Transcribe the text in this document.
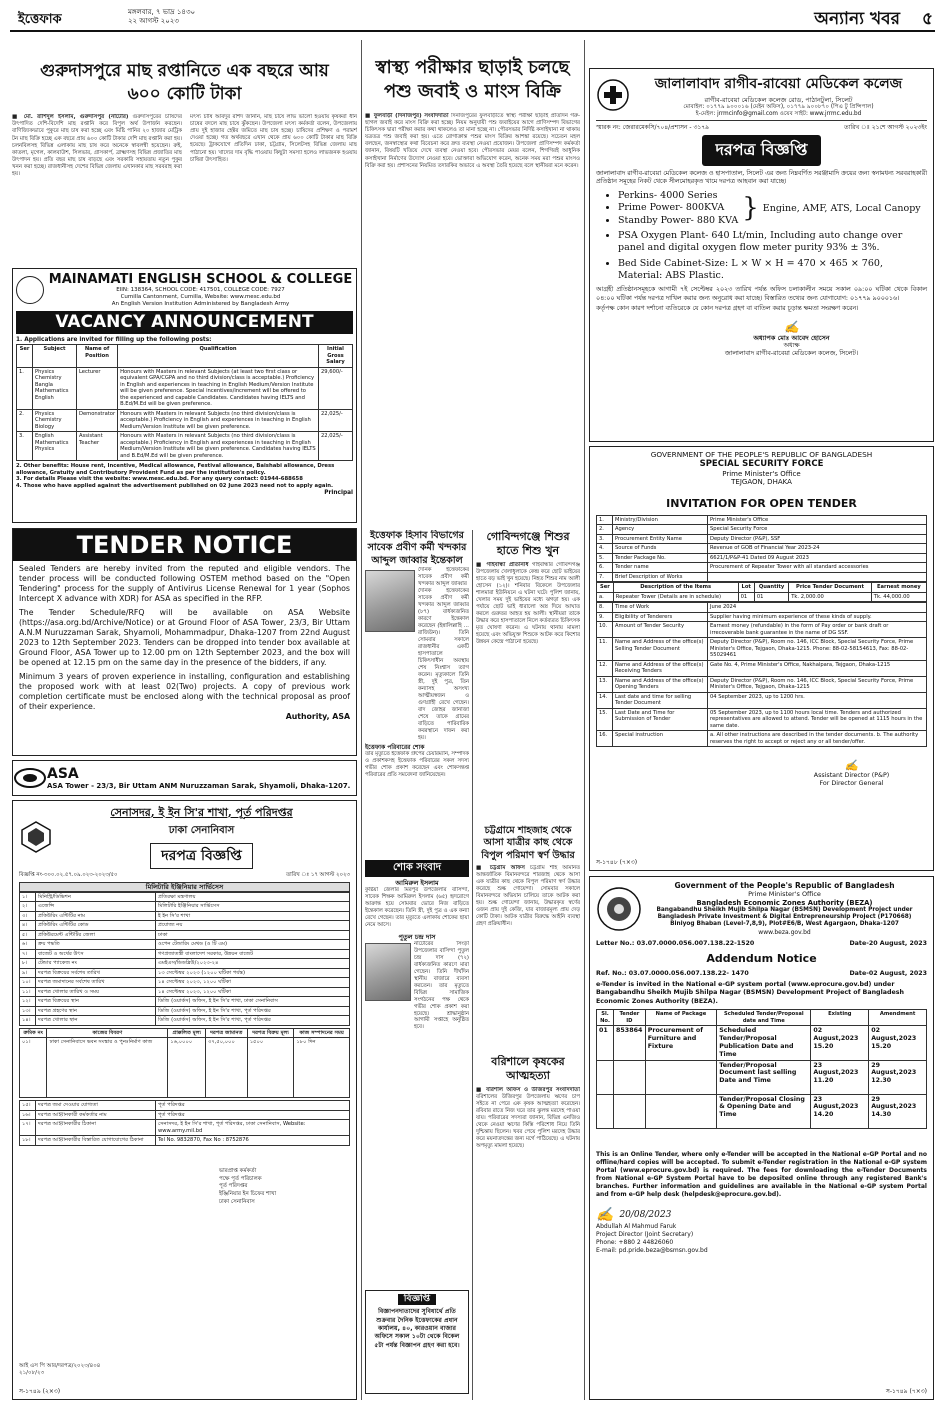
ইত্তেফাক	মঙ্গলবার, ৭ ভাদ্র ১৪৩০
২২ আগস্ট ২০২৩	অন্যান্য খবর ৫
গুরুদাসপুরে মাছ রপ্তানিতে এক বছরে আয় ৬০০ কোটি টাকা
■ মো. রাশিদুল ইসলাম, গুরুদাসপুর (নাটোর) গুরুদাসপুরের চাষিদের উৎপাদিত দেশি-বিদেশি মাছ রপ্তানি করে বিপুল অর্থ উপার্জন করছেন। বাণিজ্যিকভাবে পুকুরে মাছ চাষ করা হচ্ছে এবং মিষ্টি পানির ২০ হাজার মেট্রিক টন মাছ বিক্রি হচ্ছে এক বছরে প্রায় ৬০০ কোটি টাকার দেশি মাছ রপ্তানি করা হয়। চলনবিলসহ বিভিন্ন এলাকায় মাছ চাষ করে অনেকে স্বাবলম্বী হয়েছেন। রুই, কাতলা, মৃগেল, কালবাউশ, সিলভার, গ্রাসকার্প, ব্রাক্ষ্মণসহ বিভিন্ন প্রজাতির মাছ উৎপাদন হয়। প্রতি বছর মাছ চাষ বাড়ছে এবং সরকারি সহায়তায় নতুন পুকুর খনন করা হচ্ছে। রাজধানীসহ দেশের বিভিন্ন জেলায় এখানকার মাছ সরবরাহ করা হয়।
মৎস্য চাষি আবদুর রশিদ জানান, মাছ চাষে লাভ ভালো হওয়ায় কৃষকরা ধান চাষের বদলে মাছ চাষে ঝুঁকছেন। উপজেলা মৎস্য কর্মকর্তা বলেন, উপজেলায় প্রায় দুই হাজার হেক্টর জমিতে মাছ চাষ হচ্ছে। চাষিদের প্রশিক্ষণ ও পরামর্শ দেওয়া হচ্ছে। গত অর্থবছরে এখান থেকে প্রায় ৬০০ কোটি টাকার মাছ বিক্রি হয়েছে। ট্রাকযোগে প্রতিদিন ঢাকা, চট্টগ্রাম, সিলেটসহ বিভিন্ন জেলায় মাছ পাঠানো হয়। খাদ্যের দাম বৃদ্ধি পাওয়ায় কিছুটা সমস্যা হলেও লাভজনক হওয়ায় চাষিরা উৎসাহিত।
MAINAMATI ENGLISH SCHOOL & COLLEGE
EIIN: 138364, SCHOOL CODE: 417501, COLLEGE CODE: 7927
Cumilla Cantonment, Cumilla, Website: www.mesc.edu.bd
An English Version Institution Administered by Bangladesh Army
VACANCY ANNOUNCEMENT
1. Applications are invited for filling up the following posts:
Ser	Subject	Name of Position	Qualification	Initial Gross Salary
1.	Physics Chemistry Bangla Mathematics English	Lecturer	Honours with Masters in relevant Subjects (at least two first class or equivalent GPA/CGPA and no third division/class is acceptable.) Proficiency in English and experiences in teaching in English Medium/Version Institute will be given preference. Special incentives/increment will be offered to the experienced and capable Candidates. Candidates having IELTS and B.Ed/M.Ed will be given preference.	29,600/-
2.	Physics Chemistry Biology	Demonstrator	Honours with Masters in relevant Subjects (no third division/class is acceptable.) Proficiency in English and experiences in teaching in English Medium/Version Institute will be given preference.	22,025/-
3.	English Mathematics Physics	Assistant Teacher	Honours with Masters in relevant Subjects (no third division/class is acceptable.) Proficiency in English and experiences in teaching in English Medium/Version Institute will be given preference. Candidates having IELTS and B.Ed/M.Ed will be given preference.	22,025/-
2. Other benefits: House rent, Incentive, Medical allowance, Festival allowance, Baishabi allowance, Dress allowance, Gratuity and Contributory Provident Fund as per the institution's policy.
3. For details Please visit the website: www.mesc.edu.bd. For any query contact: 01944-688658
4. Those who have applied against the advertisement published on 02 June 2023 need not to apply again.
Principal
TENDER NOTICE

Sealed Tenders are hereby invited from the reputed and eligible vendors. The tender process will be conducted following OSTEM method based on the "Open Tendering" process for the supply of Antivirus License Renewal for 1 year (Sophos Intercept X advance with XDR) for ASA as specified in the RFP.

The Tender Schedule/RFQ will be available on ASA Website (https://asa.org.bd/Archive/Notice) or at Ground Floor of ASA Tower, 23/3, Bir Uttam A.N.M Nuruzzaman Sarak, Shyamoli, Mohammadpur, Dhaka-1207 from 22nd August 2023 to 12th September 2023. Tenders can be dropped into tender box available at Ground Floor, ASA Tower up to 12.00 pm on 12th September 2023, and the box will be opened at 12.15 pm on the same day in the presence of the bidders, if any.

Minimum 3 years of proven experience in installing, configuration and establishing the proposed work with at least 02(Two) projects. A copy of previous work completion certificate must be enclosed along with the technical proposal as proof of their experience.

Authority, ASA

ASA
ASA Tower - 23/3, Bir Uttam ANM Nuruzzaman Sarak, Shyamoli, Dhaka-1207.
সেনাসদর, ই ইন সি'র শাখা, পূর্ত পরিদপ্তর
ঢাকা সেনানিবাস
দরপত্র বিজ্ঞপ্তি
বিজ্ঞপ্তি নং-৩০০.০২.৫৭.০৯.০২৩-২০২৩/৫০	তারিখ ঃ ১৭ আগস্ট ২০২৩
মিলিটারি ইঞ্জিনিয়ার সার্ভিসেস
১।	মিনিস্ট্রি/ডিভিশন	প্রতিরক্ষা মন্ত্রণালয়
২।	এজেন্সি	মিলিটারি ইঞ্জিনিয়ার সার্ভিসেস
৩।	প্রকিউরিং এন্টিটির নাম	ই ইন সি'র শাখা
৪।	প্রকিউরিং এন্টিটির কোড	প্রযোজ্য নয়
৫।	প্রকিউরমেন্ট এন্টিটির জেলা	ঢাকা
৬।	ক্রয় পদ্ধতি	ওপেন টেন্ডারিং মেথড (ও টি এম)
৭।	বাজেট ও অর্থের উৎস	গণপ্রজাতন্ত্রী বাংলাদেশ সরকার, উন্নয়ন বাজেট
৮।	টেন্ডার প্যাকেজ নং	এমইএস/ডিডব্লিউ/২০২৩-২৪
৯।	দরপত্র বিক্রয়ের সর্বশেষ তারিখ	১৩ সেপ্টেম্বর ২০২৩ (১২০০ ঘটিকা পর্যন্ত)
১০।	দরপত্র জমাদানের সর্বশেষ তারিখ	১৪ সেপ্টেম্বর ২০২৩, ১২০০ ঘটিকা
১১।	দরপত্র খোলার তারিখ ও সময়	১৪ সেপ্টেম্বর ২০২৩, ১২০০ ঘটিকা
১২।	দরপত্র বিক্রয়ের স্থান	ডিজি (ওয়ার্কস) অফিস, ই ইন সি'র শাখা, ঢাকা সেনানিবাস
১৩।	দরপত্র গ্রহণের স্থান	ডিজি (ওয়ার্কস) অফিস, ই ইন সি'র শাখা, পূর্ত পরিদপ্তর
১৪।	দরপত্র খোলার স্থান	ডিজি (ওয়ার্কস) অফিস, ই ইন সি'র শাখা, পূর্ত পরিদপ্তর
ক্রমিক নং	কাজের বিবরণ	প্রাক্কলিত মূল্য	দরপত্র জামানত	দরপত্র বিক্রয় মূল্য	কাজ সম্পাদনের সময়
০১।	ঢাকা সেনানিবাসে ভবন সংস্কার ও পুনঃনির্মাণ কাজ	১৬,০০০০	৩৭,৫০,০০০	১৫০০	১৮০ দিন
১৫।	দরপত্র জমা দেওয়ার যোগ্যতা	পূর্ত পরিদপ্তর
১৬।	দরপত্র আহ্বানকারী কর্মকর্তার নাম	পূর্ত পরিদপ্তর
১৭।	দরপত্র আহ্বানকারীর ঠিকানা	সেনাসদর, ই ইন সি'র শাখা, পূর্ত পরিদপ্তর, ঢাকা সেনানিবাস, Website: www.army.mil.bd
১৮।	দরপত্র আহ্বানকারীর বিস্তারিত যোগাযোগের ঠিকানা	Tel No. 9832870, Fax No : 8752876
ভারপ্রাপ্ত কর্মকর্তা
পক্ষে পূর্ত পরিচালক
পূর্ত পরিদপ্তর
ইঞ্জিনিয়ার ইন চিফের শাখা
ঢাকা সেনানিবাস
আই এস পি আর/দরপত্র/২০২৩/৪০৪
২১/০৮/২৩
স-১৭৪৯ (২×৩)
স্বাস্থ্য পরীক্ষার ছাড়াই চলছে পশু জবাই ও মাংস বিক্রি
■ ফুলবাড়ী (দিনাজপুর) সংবাদদাতা দিনাজপুরের ফুলবাড়ীতে স্বাস্থ্য পরীক্ষা ছাড়াই প্রতিদিন গরু-ছাগল জবাই করে মাংস বিক্রি করা হচ্ছে। নিয়ম অনুযায়ী পশু জবাইয়ের আগে প্রাণিসম্পদ বিভাগের চিকিৎসক দ্বারা পরীক্ষা করার কথা থাকলেও তা মানা হচ্ছে না। পৌরসভার নির্দিষ্ট কসাইখানা না থাকায় যত্রতত্র পশু জবাই করা হয়। এতে রোগাক্রান্ত পশুর মাংস বিক্রির আশঙ্কা রয়েছে। সচেতন মহল বলছেন, জনস্বাস্থ্যের কথা বিবেচনা করে দ্রুত ব্যবস্থা নেওয়া প্রয়োজন। উপজেলা প্রাণিসম্পদ কর্মকর্তা জানান, বিষয়টি খতিয়ে দেখে ব্যবস্থা নেওয়া হবে। পৌরসভার মেয়র বলেন, শিগগিরই আধুনিক কসাইখানা নির্মাণের উদ্যোগ নেওয়া হবে। ভোক্তারা অভিযোগ করেন, অনেক সময় মরা পশুর মাংসও বিক্রি করা হয়। প্রশাসনের নিয়মিত তদারকির অভাবে এ অবস্থা তৈরি হয়েছে বলে স্থানীয়রা মনে করেন।
ইত্তেফাক হিসাব বিভাগের সাবেক প্রবীণ কর্মী খন্দকার আব্দুল জাব্বার ইন্তেকাল
দৈনিক ইত্তেফাকের সাবেক প্রবীণ কর্মী খন্দকার আব্দুল জাব্বার
দৈনিক ইত্তেফাকের সাবেক প্রবীণ কর্মী খন্দকার আব্দুল জাব্বার (৮৭) বার্ধক্যজনিত কারণে ইন্তেকাল করেছেন (ইন্নালিল্লাহি ... রাজিউন)। তিনি সোমবার সকালে রাজধানীর একটি হাসপাতালে চিকিৎসাধীন অবস্থায় শেষ নিঃশ্বাস ত্যাগ করেন। মৃত্যুকালে তিনি স্ত্রী, দুই পুত্র, তিন কন্যাসহ অসংখ্য আত্মীয়স্বজন ও গুণগ্রাহী রেখে গেছেন। বাদ জোহর জানাজা শেষে তাকে গ্রামের বাড়িতে পারিবারিক কবরস্থানে দাফন করা হয়।
ইত্তেফাক পরিবারের শোক
তার মৃত্যুতে ইত্তেফাক গ্রুপের চেয়ারম্যান, সম্পাদক ও প্রকাশকসহ ইত্তেফাক পরিবারের সকল সদস্য গভীর শোক প্রকাশ করেছেন এবং শোকসন্তপ্ত পরিবারের প্রতি সমবেদনা জানিয়েছেন।
শোক সংবাদ
আমিরুল ইসলাম
কুষ্টিয়া জেলার মিরপুর উপজেলার বাসিন্দা, সাবেক শিক্ষক আমিরুল ইসলাম (৬৫) হৃদরোগে আক্রান্ত হয়ে সোমবার ভোরে নিজ বাড়িতে ইন্তেকাল করেছেন। তিনি স্ত্রী, দুই পুত্র ও এক কন্যা রেখে গেছেন। তার মৃত্যুতে এলাকায় শোকের ছায়া নেমে আসে।
পুতুল চন্দ্র দাস
নাটোরের সিংড়া উপজেলার বাসিন্দা পুতুল চন্দ্র দাস (৭২) বার্ধক্যজনিত কারণে মারা গেছেন। তিনি দীর্ঘদিন স্থানীয় বাজারে ব্যবসা করতেন। তার মৃত্যুতে বিভিন্ন সামাজিক সংগঠনের পক্ষ থেকে গভীর শোক প্রকাশ করা হয়েছে। শ্রাদ্ধানুষ্ঠান আগামী সপ্তাহে অনুষ্ঠিত হবে।
বিজ্ঞপ্তি
বিজ্ঞাপনদাতাদের সুবিধার্থে প্রতি শুক্রবার দৈনিক ইত্তেফাকের প্রধান কার্যালয়, ৪০, কারওয়ান বাজার অফিসে সকাল ১০টা থেকে বিকেল ৫টা পর্যন্ত বিজ্ঞাপন গ্রহণ করা হবে।
গোবিন্দগঞ্জে শিশুর হাতে শিশু খুন
■ গাইবান্ধা প্রতিনিধি গাইবান্ধার গোবিন্দগঞ্জ উপজেলায় খেলাধুলাকে কেন্দ্র করে ছোট ভাইয়ের হাতে বড় ভাই খুন হয়েছে। নিহত শিশুর নাম আলী হোসেন (১২)। শনিবার বিকেলে উপজেলার শালমারা ইউনিয়নে এ ঘটনা ঘটে। পুলিশ জানায়, খেলার সময় দুই ভাইয়ের মধ্যে ঝগড়া হয়। এক পর্যায়ে ছোট ভাই ধারালো অস্ত্র দিয়ে আঘাত করলে গুরুতর আহত হয় আলী। স্থানীয়রা তাকে উদ্ধার করে হাসপাতালে নিলে কর্তব্যরত চিকিৎসক মৃত ঘোষণা করেন। এ ঘটনায় থানায় মামলা হয়েছে এবং অভিযুক্ত শিশুকে আটক করে কিশোর উন্নয়ন কেন্দ্রে পাঠানো হয়েছে।
চট্টগ্রামে শাহজাহ থেকে আসা যাত্রীর কাছ থেকে বিপুল পরিমাণ স্বর্ণ উদ্ধার
■ চট্টগ্রাম অফিস চট্টগ্রাম শাহ আমানত আন্তর্জাতিক বিমানবন্দরে শারজাহ থেকে আসা এক যাত্রীর কাছ থেকে বিপুল পরিমাণ স্বর্ণ উদ্ধার করেছে শুল্ক গোয়েন্দা। সোমবার সকালে বিমানবন্দরে অভিযান চালিয়ে তাকে আটক করা হয়। শুল্ক গোয়েন্দা জানায়, উদ্ধারকৃত স্বর্ণের ওজন প্রায় দুই কেজি, যার বাজারমূল্য প্রায় দেড় কোটি টাকা। আটক যাত্রীর বিরুদ্ধে আইনি ব্যবস্থা গ্রহণ প্রক্রিয়াধীন।
বরিশালে কৃষকের আত্মহত্যা
■ বরিশাল অফিস ও উজিরপুর সংবাদদাতা বরিশালের উজিরপুর উপজেলায় ঋণের চাপ সইতে না পেরে এক কৃষক আত্মহত্যা করেছেন। রবিবার রাতে নিজ ঘরে তার ঝুলন্ত মরদেহ পাওয়া যায়। পরিবারের সদস্যরা জানান, বিভিন্ন এনজিও থেকে নেওয়া ঋণের কিস্তি পরিশোধ নিয়ে তিনি দুশ্চিন্তায় ছিলেন। খবর পেয়ে পুলিশ মরদেহ উদ্ধার করে ময়নাতদন্তের জন্য মর্গে পাঠিয়েছে। এ ঘটনায় অপমৃত্যু মামলা হয়েছে।
জালালাবাদ রাগীব-রাবেয়া মেডিকেল কলেজ
রাগীব-রাবেয়া মেডিকেল কলেজ রোড, পাঠানটুলা, সিলেট
মোবাইল: ০১৭৭৯ ৯০০০১৬ (মেইন অফিস), ০১৭৭৯ ৯০০৮৭০ (পিএ টু প্রিন্সিপাল)
ই-মেইল: jrrmcinfo@gmail.com ওয়েব সাইট: www.jrrmc.edu.bd
স্মারক নং: জেরারমেকসি/৭০৪/প্রশাসন - ৩১৭৯	তারিখ ঃ ২১শে আগস্ট ২০২৩ইং
দরপত্র বিজ্ঞপ্তি
জালালাবাদ রাগীব-রাবেয়া মেডিকেল কলেজ ও হাসপাতাল, সিলেট এর জন্য নিম্নবর্ণিত সরঞ্জামাদি ক্রয়ের জন্য স্বনামধন্য সরবরাহকারী প্রতিষ্ঠান সমূহের নিকট থেকে সীলমোহরকৃত খামে দরপত্র আহবান করা যাচ্ছে।
• Perkins- 4000 Series
• Prime Power- 800KVA
• Standby Power- 880 KVA } Engine, AMF, ATS, Local Canopy
• PSA Oxygen Plant- 640 Lt/min, Including auto change over panel and digital oxygen flow meter purity 93% ± 3%.
• Bed Side Cabinet-Size: L × W × H = 470 × 465 × 760, Material: ABS Plastic.
আগ্রহী প্রতিষ্ঠানসমূহকে আগামী ৭ই সেপ্টেম্বর ২০২৩ তারিখ পর্যন্ত অফিস চলাকালীন সময়ে সকাল ০৯:০০ ঘটিকা থেকে বিকাল ০৪:০০ ঘটিকা পর্যন্ত দরপত্র দাখিল করার জন্য অনুরোধ করা যাচ্ছে। বিস্তারিত তথ্যের জন্য যোগাযোগ: ০১৭৭৯ ৯০০০১৬।
কর্তৃপক্ষ কোন কারণ দর্শানো ব্যতিরেকে যে কোন দরপত্র গ্রহণ বা বাতিল করার চূড়ান্ত ক্ষমতা সংরক্ষণ করেন।
✍
অধ্যাপক মোঃ আবেদ হোসেন
অধ্যক্ষ
জালালাবাদ রাগীব-রাবেয়া মেডিকেল কলেজ, সিলেট।
GOVERNMENT OF THE PEOPLE'S REPUBLIC OF BANGLADESH
SPECIAL SECURITY FORCE
Prime Minister's Office
TEJGAON, DHAKA
INVITATION FOR OPEN TENDER
1.	Ministry/Division	Prime Minister's Office
2.	Agency	Special Security Force
3.	Procurement Entity Name	Deputy Director (P&P), SSF
4.	Source of Funds	Revenue of GOB of Financial Year 2023-24
5.	Tender Package No.	6621/1/P&P-41 Dated 09 August 2023
6.	Tender name	Procurement of Repeater Tower with all standard accessories
7.	Brief Description of Works	
Ser	Description of the Items	Lot	Quantity	Price Tender Document	Earnest money
a.	Repeater Tower (Details are in schedule)	01	01	Tk. 2,000.00	Tk. 44,000.00
8.	Time of Work	June 2024
9.	Eligibility of Tenderers	Supplier having minimum experience of these kinds of supply.
10.	Amount of Tender Security	Earnest money (refundable) in the form of Pay order or bank draft or irrecoverable bank guarantee in the name of DG SSF.
11.	Name and Address of the office(s) Selling Tender Document	Deputy Director (P&P), Room no. 146, ICC Block, Special Security Force, Prime Minister's Office, Tejgaon, Dhaka-1215. Phone: 88-02-58154613, Fax: 88-02-55029461
12.	Name and Address of the office(s) Receiving Tenders	Gate No. 4, Prime Minister's Office, Nakhalpara, Tejgaon, Dhaka-1215
13.	Name and Address of the office(s) Opening Tenders	Deputy Director (P&P), Room no. 146, ICC Block, Special Security Force, Prime Minister's Office, Tejgaon, Dhaka-1215
14.	Last date and time for selling Tender Document	04 September 2023, up to 1200 hrs.
15.	Last Date and Time for Submission of Tender	05 September 2023, up to 1100 hours local time. Tenders and authorized representatives are allowed to attend. Tender will be opened at 1115 hours in the same date.
16.	Special instruction	a. All other instructions are described in the tender documents. b. The authority reserves the right to accept or reject any or all tender/offer.
✍
Assistant Director (P&P)
For Director General
স-১৭৪৮ (৭×৩)
Government of the People's Republic of Bangladesh
Prime Minister's Office
Bangladesh Economic Zones Authority (BEZA)
Bangabandhu Sheikh Mujib Shilpa Nagar (BSMSN) Development Project under Bangladesh Private Investment & Digital Entrepreneurship Project (P170668)
Biniyog Bhaban (Level-7,8,9), Plot#E6/B, West Agargaon, Dhaka-1207
www.beza.gov.bd
Letter No.: 03.07.0000.056.007.138.22-1520	Date-20 August, 2023
Addendum Notice
Ref. No.: 03.07.0000.056.007.138.22- 1470	Date-02 August, 2023
e-Tender is invited in the National e-GP system portal (www.eprocure.gov.bd) under Bangabandhu Sheikh Mujib Shilpa Nagar (BSMSN) Development Project of Bangladesh Economic Zones Authority (BEZA).
Sl. No.	Tender ID	Name of Package	Scheduled Tender/Proposal date and Time	Existing	Amendment
01	853864	Procurement of Furniture and Fixture	Scheduled Tender/Proposal Publication Date and Time	02 August,2023 15.20	02 August,2023 15.20
			Tender/Proposal Document last selling Date and Time	23 August,2023 11.20	29 August,2023 12.30
			Tender/Proposal Closing & Opening Date and Time	23 August,2023 14.20	29 August,2023 14.30
This is an Online Tender, where only e-Tender will be accepted in the National e-GP Portal and no offline/hard copies will be accepted. To submit e-Tender registration in the National e-GP system Portal (www.eprocure.gov.bd) is required. The fees for downloading the e-Tender Documents from National e-GP System Portal have to be deposited online through any registered Bank's branches. Further information and guidelines are available in the National e-GP system Portal and from e-GP help desk (helpdesk@eprocure.gov.bd).
✍ 20/08/2023
Abdullah Al Mahmud Faruk
Project Director (Joint Secretary)
Phone: +880 2 44826060
E-mail: pd.pride.beza@bsmsn.gov.bd
স-১৭৪৯ (৭×৩)
